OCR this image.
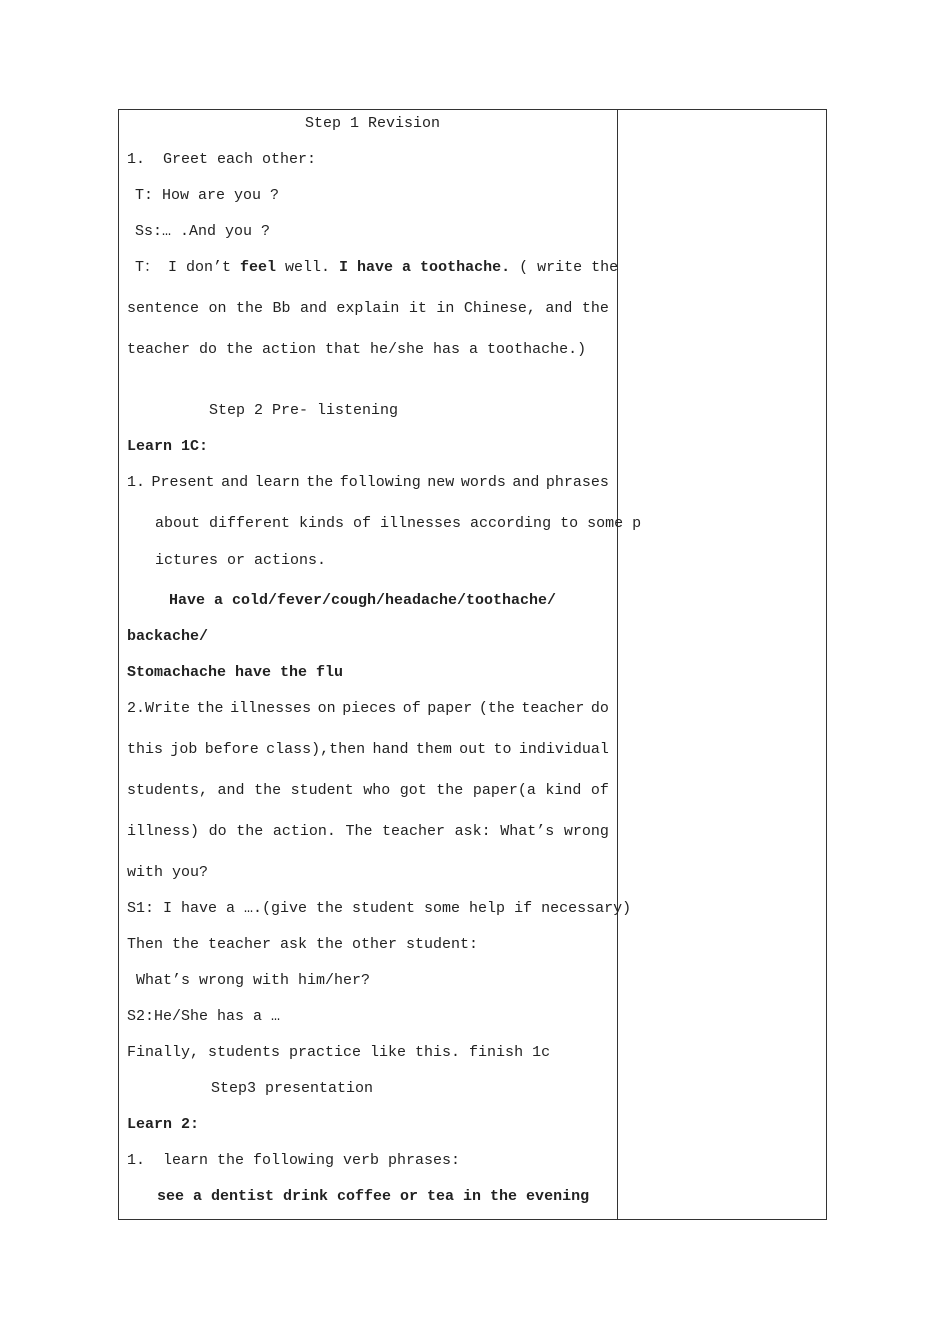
Step 1 Revision
1.  Greet each other:
T: How are you ?
Ss:… .And you ?
T： I don’t feel well. I have a toothache. ( write the
sentence on the Bb and explain it in Chinese, and the
teacher do the action that he/she has a toothache.)
Step 2 Pre- listening
Learn 1C:
1. Present and learn the following new words and phrases
about different kinds of illnesses according to some p
ictures or actions.
Have a cold/fever/cough/headache/toothache/
backache/
Stomachache have the flu
2.Write the illnesses on pieces of paper (the teacher do
this job before class),then hand them out to individual
students, and the student who got the paper(a kind of
illness) do the action. The teacher ask: What’s wrong
with you?
S1: I have a ….(give the student some help if necessary)
Then the teacher ask the other student:
What’s wrong with him/her?
S2:He/She has a …
Finally, students practice like this. finish 1c
Step3 presentation
Learn 2:
1.  learn the following verb phrases:
see a dentist drink coffee or tea in the evening
